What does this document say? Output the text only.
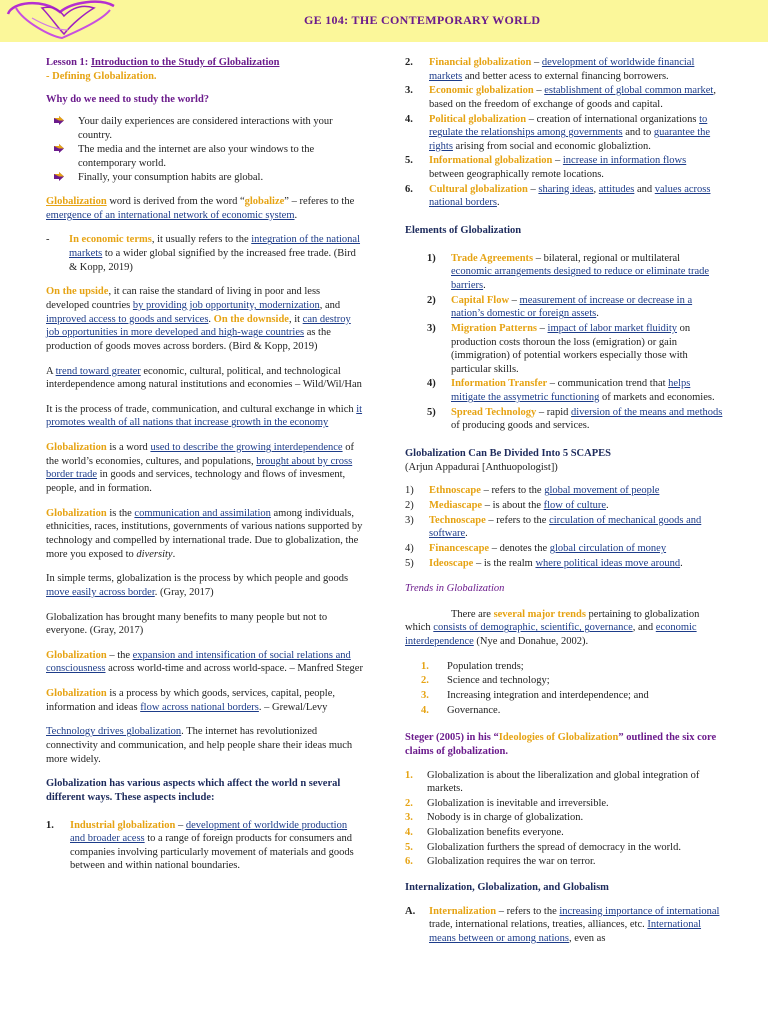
GE 104: THE CONTEMPORARY WORLD

Lesson 1: Introduction to the Study of Globalization
- Defining Globalization.

Why do we need to study the world?
Your daily experiences are considered interactions with your country.
The media and the internet are also your windows to the contemporary world.
Finally, your consumption habits are global.

Globalization word is derived from the word “globalize” – referes to the emergence of an international network of economic system.

- In economic terms, it usually refers to the integration of the national markets to a wider global signified by the increased free trade. (Bird & Kopp, 2019)

On the upside, it can raise the standard of living in poor and less developed countries by providing job opportunity, modernization, and improved access to goods and services. On the downside, it can destroy job opportunities in more developed and high-wage countries as the production of goods moves across borders. (Bird & Kopp, 2019)

A trend toward greater economic, cultural, political, and technological interdependence among natural institutions and economies – Wild/Wil/Han

It is the process of trade, communication, and cultural exchange in which it promotes wealth of all nations that increase growth in the economy

Globalization is a word used to describe the growing interdependence of the world’s economies, cultures, and populations, brought about by cross border trade in goods and services, technology and flows of invesment, people, and in formation.

Globalization is the communication and assimilation among individuals, ethnicities, races, institutions, governments of various nations supported by technology and compelled by international trade. Due to globalization, the more you exposed to diversity.

In simple terms, globalization is the process by which people and goods move easily across border. (Gray, 2017)

Globalization has brought many benefits to many people but not to everyone. (Gray, 2017)

Globalization – the expansion and intensification of social relations and consciousness across world-time and across world-space. – Manfred Steger

Globalization is a process by which goods, services, capital, people, information and ideas flow across national borders. – Grewal/Levy

Technology drives globalization. The internet has revolutionized connectivity and communication, and help people share their ideas much more widely.

Globalization has various aspects which affect the world n several different ways. These aspects include:
1. Industrial globalization – development of worldwide production and broader acess to a range of foreign products for consumers and companies involving particularly movement of materials and goods between and within national boundaries.
2. Financial globalization – development of worldwide financial markets and better acess to external financing borrowers.
3. Economic globalization – establishment of global common market, based on the freedom of exchange of goods and capital.
4. Political globalization – creation of international organizations to regulate the relationships among governments and to guarantee the rights arising from social and economic globaliztion.
5. Informational globalization – increase in information flows between geographically remote locations.
6. Cultural globalization – sharing ideas, attitudes and values across national borders.
Elements of Globalization
1) Trade Agreements – bilateral, regional or multilateral economic arrangements designed to reduce or eliminate trade barriers.
2) Capital Flow – measurement of increase or decrease in a nation’s domestic or foreign assets.
3) Migration Patterns – impact of labor market fluidity on production costs thoroun the loss (emigration) or gain (immigration) of potential workers especially those with particular skills.
4) Information Transfer – communication trend that helps mitigate the assymetric functioning of markets and economies.
5) Spread Technology – rapid diversion of the means and methods of producing goods and services.
Globalization Can Be Divided Into 5 SCAPES
(Arjun Appadurai [Anthuopologist])
1) Ethnoscape – refers to the global movement of people
2) Mediascape – is about the flow of culture.
3) Technoscape – refers to the circulation of mechanical goods and software.
4) Financescape – denotes the global circulation of money
5) Ideoscape – is the realm where political ideas move around.
Trends in Globalization

There are several major trends pertaining to globalization which consists of demographic, scientific, governance, and economic interdependence (Nye and Donahue, 2002).

1. Population trends;
2. Science and technology;
3. Increasing integration and interdependence; and
4. Governance.
Steger (2005) in his “Ideologies of Globalization” outlined the six core claims of globalization.
1. Globalization is about the liberalization and global integration of markets.
2. Globalization is inevitable and irreversible.
3. Nobody is in charge of globalization.
4. Globalization benefits everyone.
5. Globalization furthers the spread of democracy in the world.
6. Globalization requires the war on terror.
Internalization, Globalization, and Globalism
A. Internalization – refers to the increasing importance of international trade, international relations, treaties, alliances, etc. International means between or among nations, even as
